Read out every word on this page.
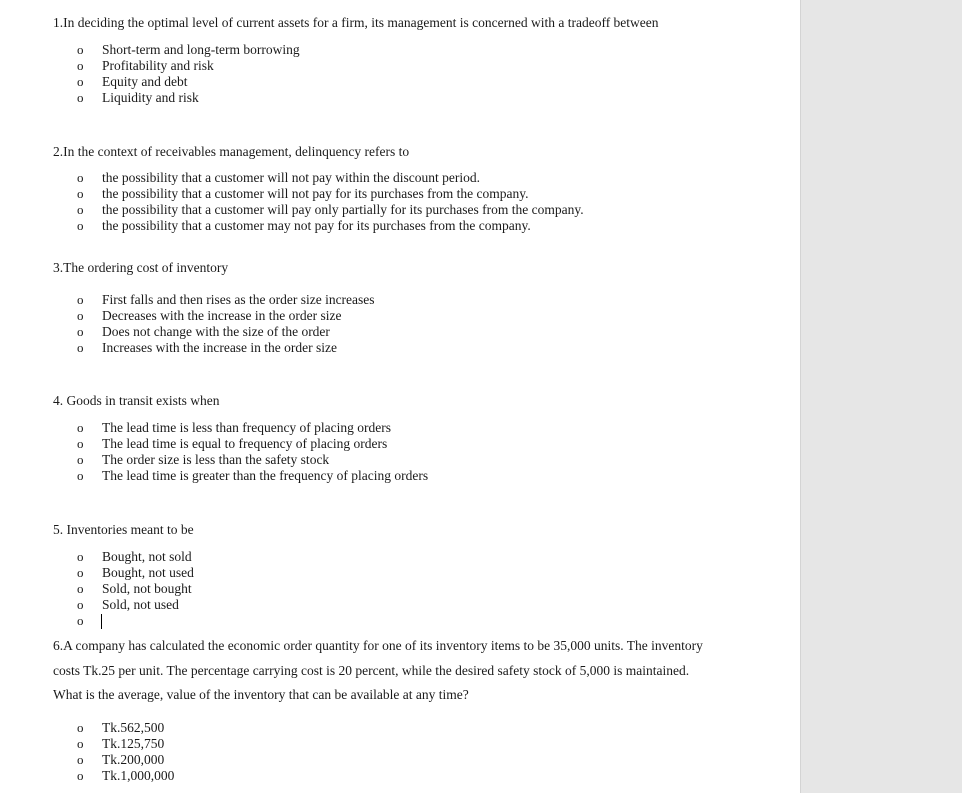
1.In deciding the optimal level of current assets for a firm, its management is concerned with a tradeoff between
o Short-term and long-term borrowing
o Profitability and risk
o Equity and debt
o Liquidity and risk
2.In the context of receivables management, delinquency refers to
o the possibility that a customer will not pay within the discount period.
o the possibility that a customer will not pay for its purchases from the company.
o the possibility that a customer will pay only partially for its purchases from the company.
o the possibility that a customer may not pay for its purchases from the company.
3.The ordering cost of inventory
o First falls and then rises as the order size increases
o Decreases with the increase in the order size
o Does not change with the size of the order
o Increases with the increase in the order size
4. Goods in transit exists when
o The lead time is less than frequency of placing orders
o The lead time is equal to frequency of placing orders
o The order size is less than the safety stock
o The lead time is greater than the frequency of placing orders
5. Inventories meant to be
o Bought, not sold
o Bought, not used
o Sold, not bought
o Sold, not used
o
6.A company has calculated the economic order quantity for one of its inventory items to be 35,000 units. The inventory costs Tk.25 per unit. The percentage carrying cost is 20 percent, while the desired safety stock of 5,000 is maintained. What is the average, value of the inventory that can be available at any time?
o Tk.562,500
o Tk.125,750
o Tk.200,000
o Tk.1,000,000
